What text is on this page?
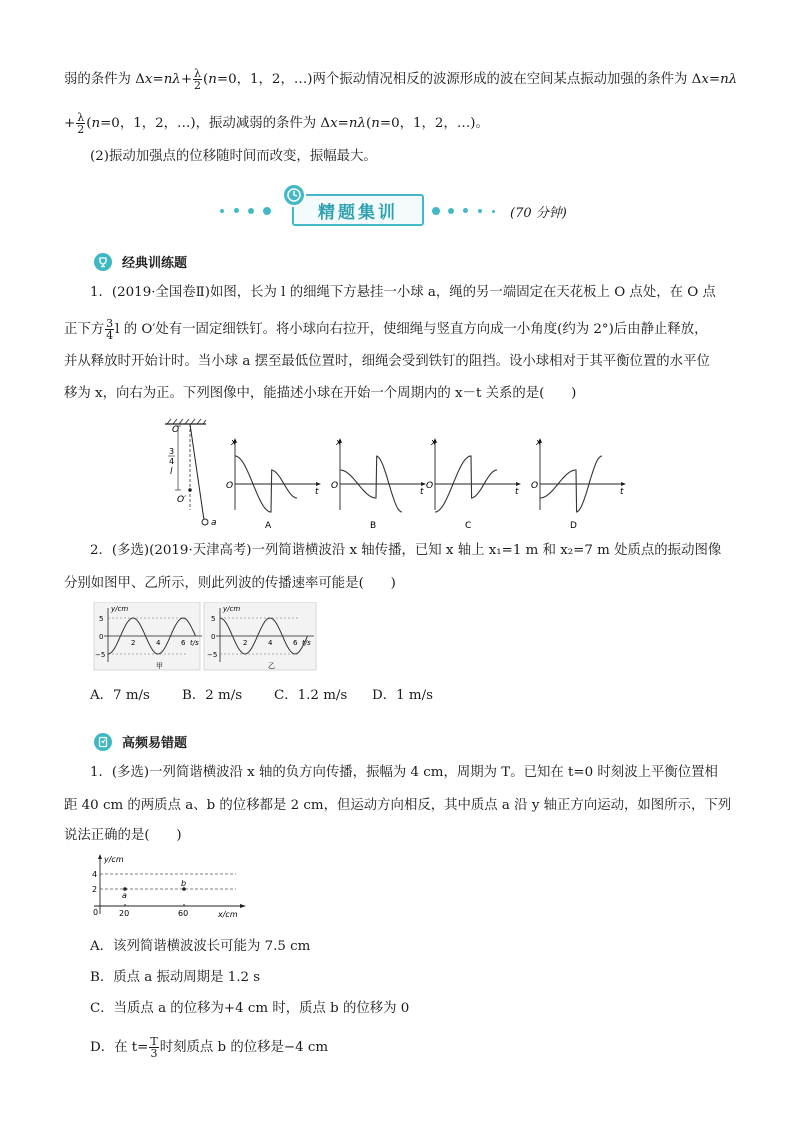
弱的条件为 $\Delta x=n\lambda+ \frac{\lambda}{2} (n=0$，1，2，…)两个振动情况相反的波源形成的波在空间某点振动加强的条件为 Δx=nλ
+ $\frac{\lambda}{2} (n=0$，1，2，…)，振动减弱的条件为 Δx=nλ(n=0，1，2，…)。
(2)振动加强点的位移随时间而改变，振幅最大。
精题集训	(70 分钟)
经典训练题
1．(2019·全国卷Ⅱ)如图，长为 l 的细绳下方悬挂一小球 a，绳的另一端固定在天花板上 O 点处，在 O 点
正下方 $\frac{3}{4}$ l 的 O′处有一固定细铁钉。将小球向右拉开，使细绳与竖直方向成一小角度(约为 2°)后由静止释放，
并从释放时开始计时。当小球 a 摆至最低位置时，细绳会受到铁钉的阻挡。设小球相对于其平衡位置的水平位
移为 x，向右为正。下列图像中，能描述小球在开始一个周期内的 x－t 关系的是(　　)
O
a
3
4
l
O′
x
t
O
A
x
t
O
B
x
t
O
C
x
t
O
D
2．(多选)(2019·天津高考)一列简谐横波沿 x 轴传播，已知 x 轴上 x₁=1 m 和 x₂=7 m 处质点的振动图像
分别如图甲、乙所示，则此列波的传播速率可能是(　　)
y/cm
5
0
−5
2	4	6 t/s
甲
y/cm
5
0
−5
2	4	6 t/s
乙
A．7 m/s B．2 m/s C．1.2 m/s D．1 m/s
高频易错题
1．(多选)一列简谐横波沿 x 轴的负方向传播，振幅为 4 cm，周期为 T。已知在 t=0 时刻波上平衡位置相
距 40 cm 的两质点 a、b 的位移都是 2 cm，但运动方向相反，其中质点 a 沿 y 轴正方向运动，如图所示，下列
说法正确的是(　　)
y/cm
4
2
0	20	60	x/cm
a
b
A．该列简谐横波波长可能为 7.5 cm
B．质点 a 振动周期是 1.2 s
C．当质点 a 的位移为+4 cm 时，质点 b 的位移为 0
D．在 $t= \frac{T}{3}$ 时刻质点 b 的位移是−4 cm
